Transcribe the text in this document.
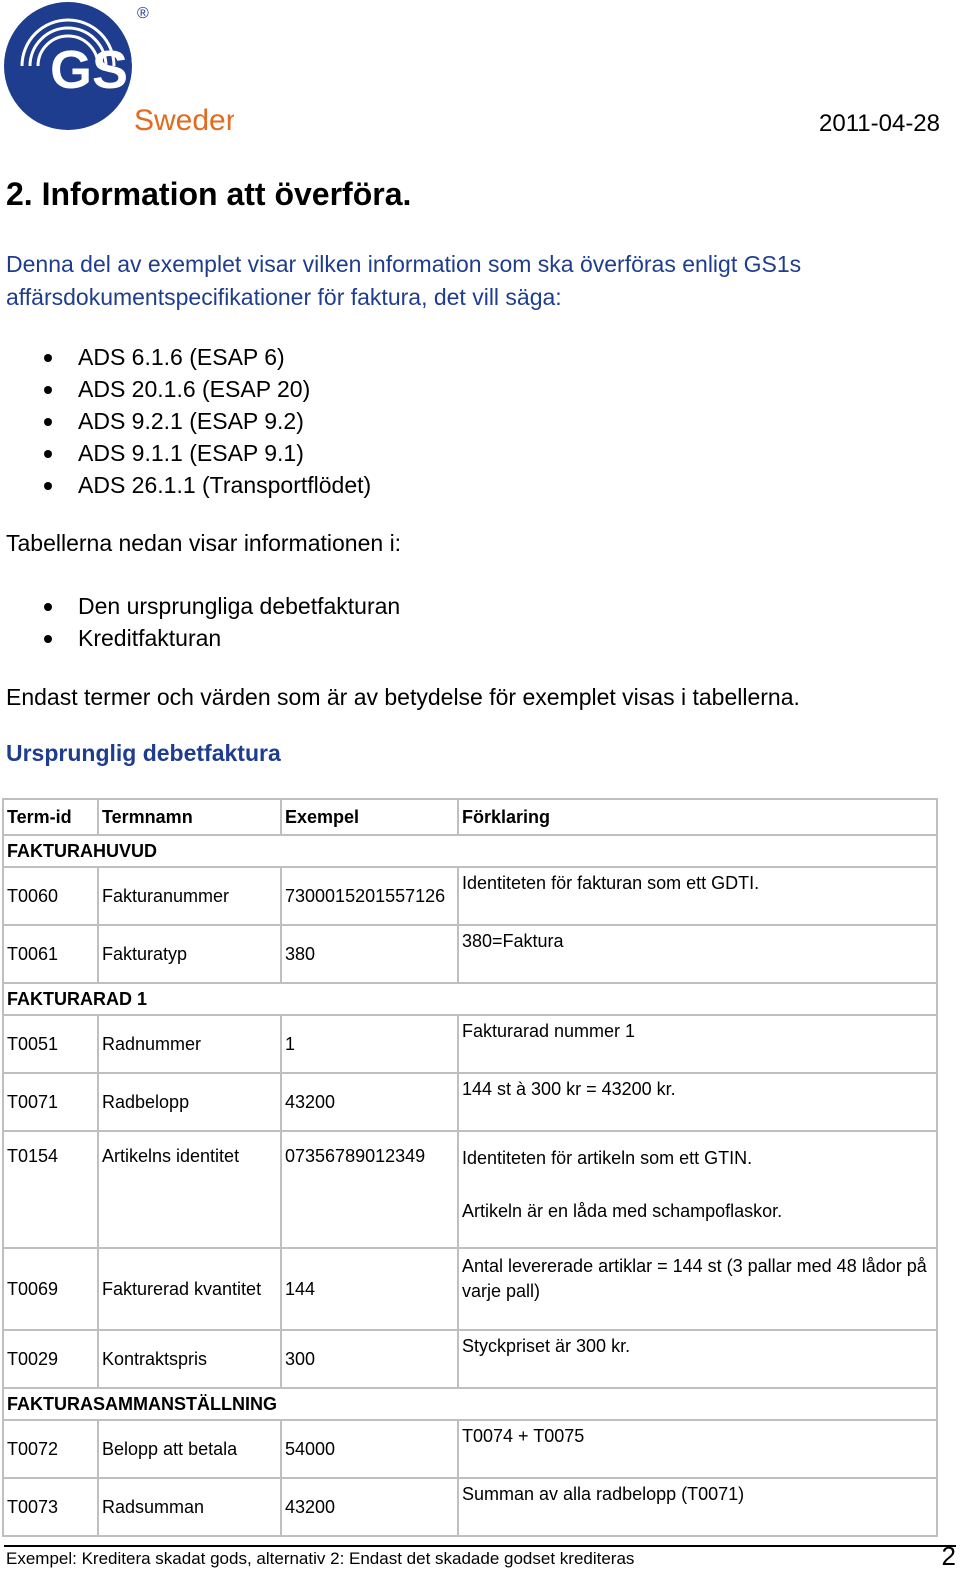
GS1
®
Sweden	2011-04-28
2. Information att överföra.

Denna del av exemplet visar vilken information som ska överföras enligt GS1s affärsdokumentspecifikationer för faktura, det vill säga:

ADS 6.1.6 (ESAP 6)
ADS 20.1.6 (ESAP 20)
ADS 9.2.1 (ESAP 9.2)
ADS 9.1.1 (ESAP 9.1)
ADS 26.1.1 (Transportflödet)

Tabellerna nedan visar informationen i:

Den ursprungliga debetfakturan
Kreditfakturan

Endast termer och värden som är av betydelse för exemplet visas i tabellerna.

Ursprunglig debetfaktura

Term-id	Termnamn	Exempel	Förklaring
FAKTURAHUVUD			
T0060	Fakturanummer	7300015201557126	Identiteten för fakturan som ett GDTI.
T0061	Fakturatyp	380	380=Faktura
FAKTURARAD 1			
T0051	Radnummer	1	Fakturarad nummer 1
T0071	Radbelopp	43200	144 st à 300 kr = 43200 kr.
T0154	Artikelns identitet	07356789012349	Identiteten för artikeln som ett GTIN.
Artikeln är en låda med schampoflaskor.

T0069	Fakturerad kvantitet	144	Antal levererade artiklar = 144 st (3 pallar med 48 lådor på varje pall)
T0029	Kontraktspris	300	Styckpriset är 300 kr.
FAKTURASAMMANSTÄLLNING			
T0072	Belopp att betala	54000	T0074 + T0075
T0073	Radsumman	43200	Summan av alla radbelopp (T0071)
Exempel: Kreditera skadat gods, alternativ 2: Endast det skadade godset krediteras	2
